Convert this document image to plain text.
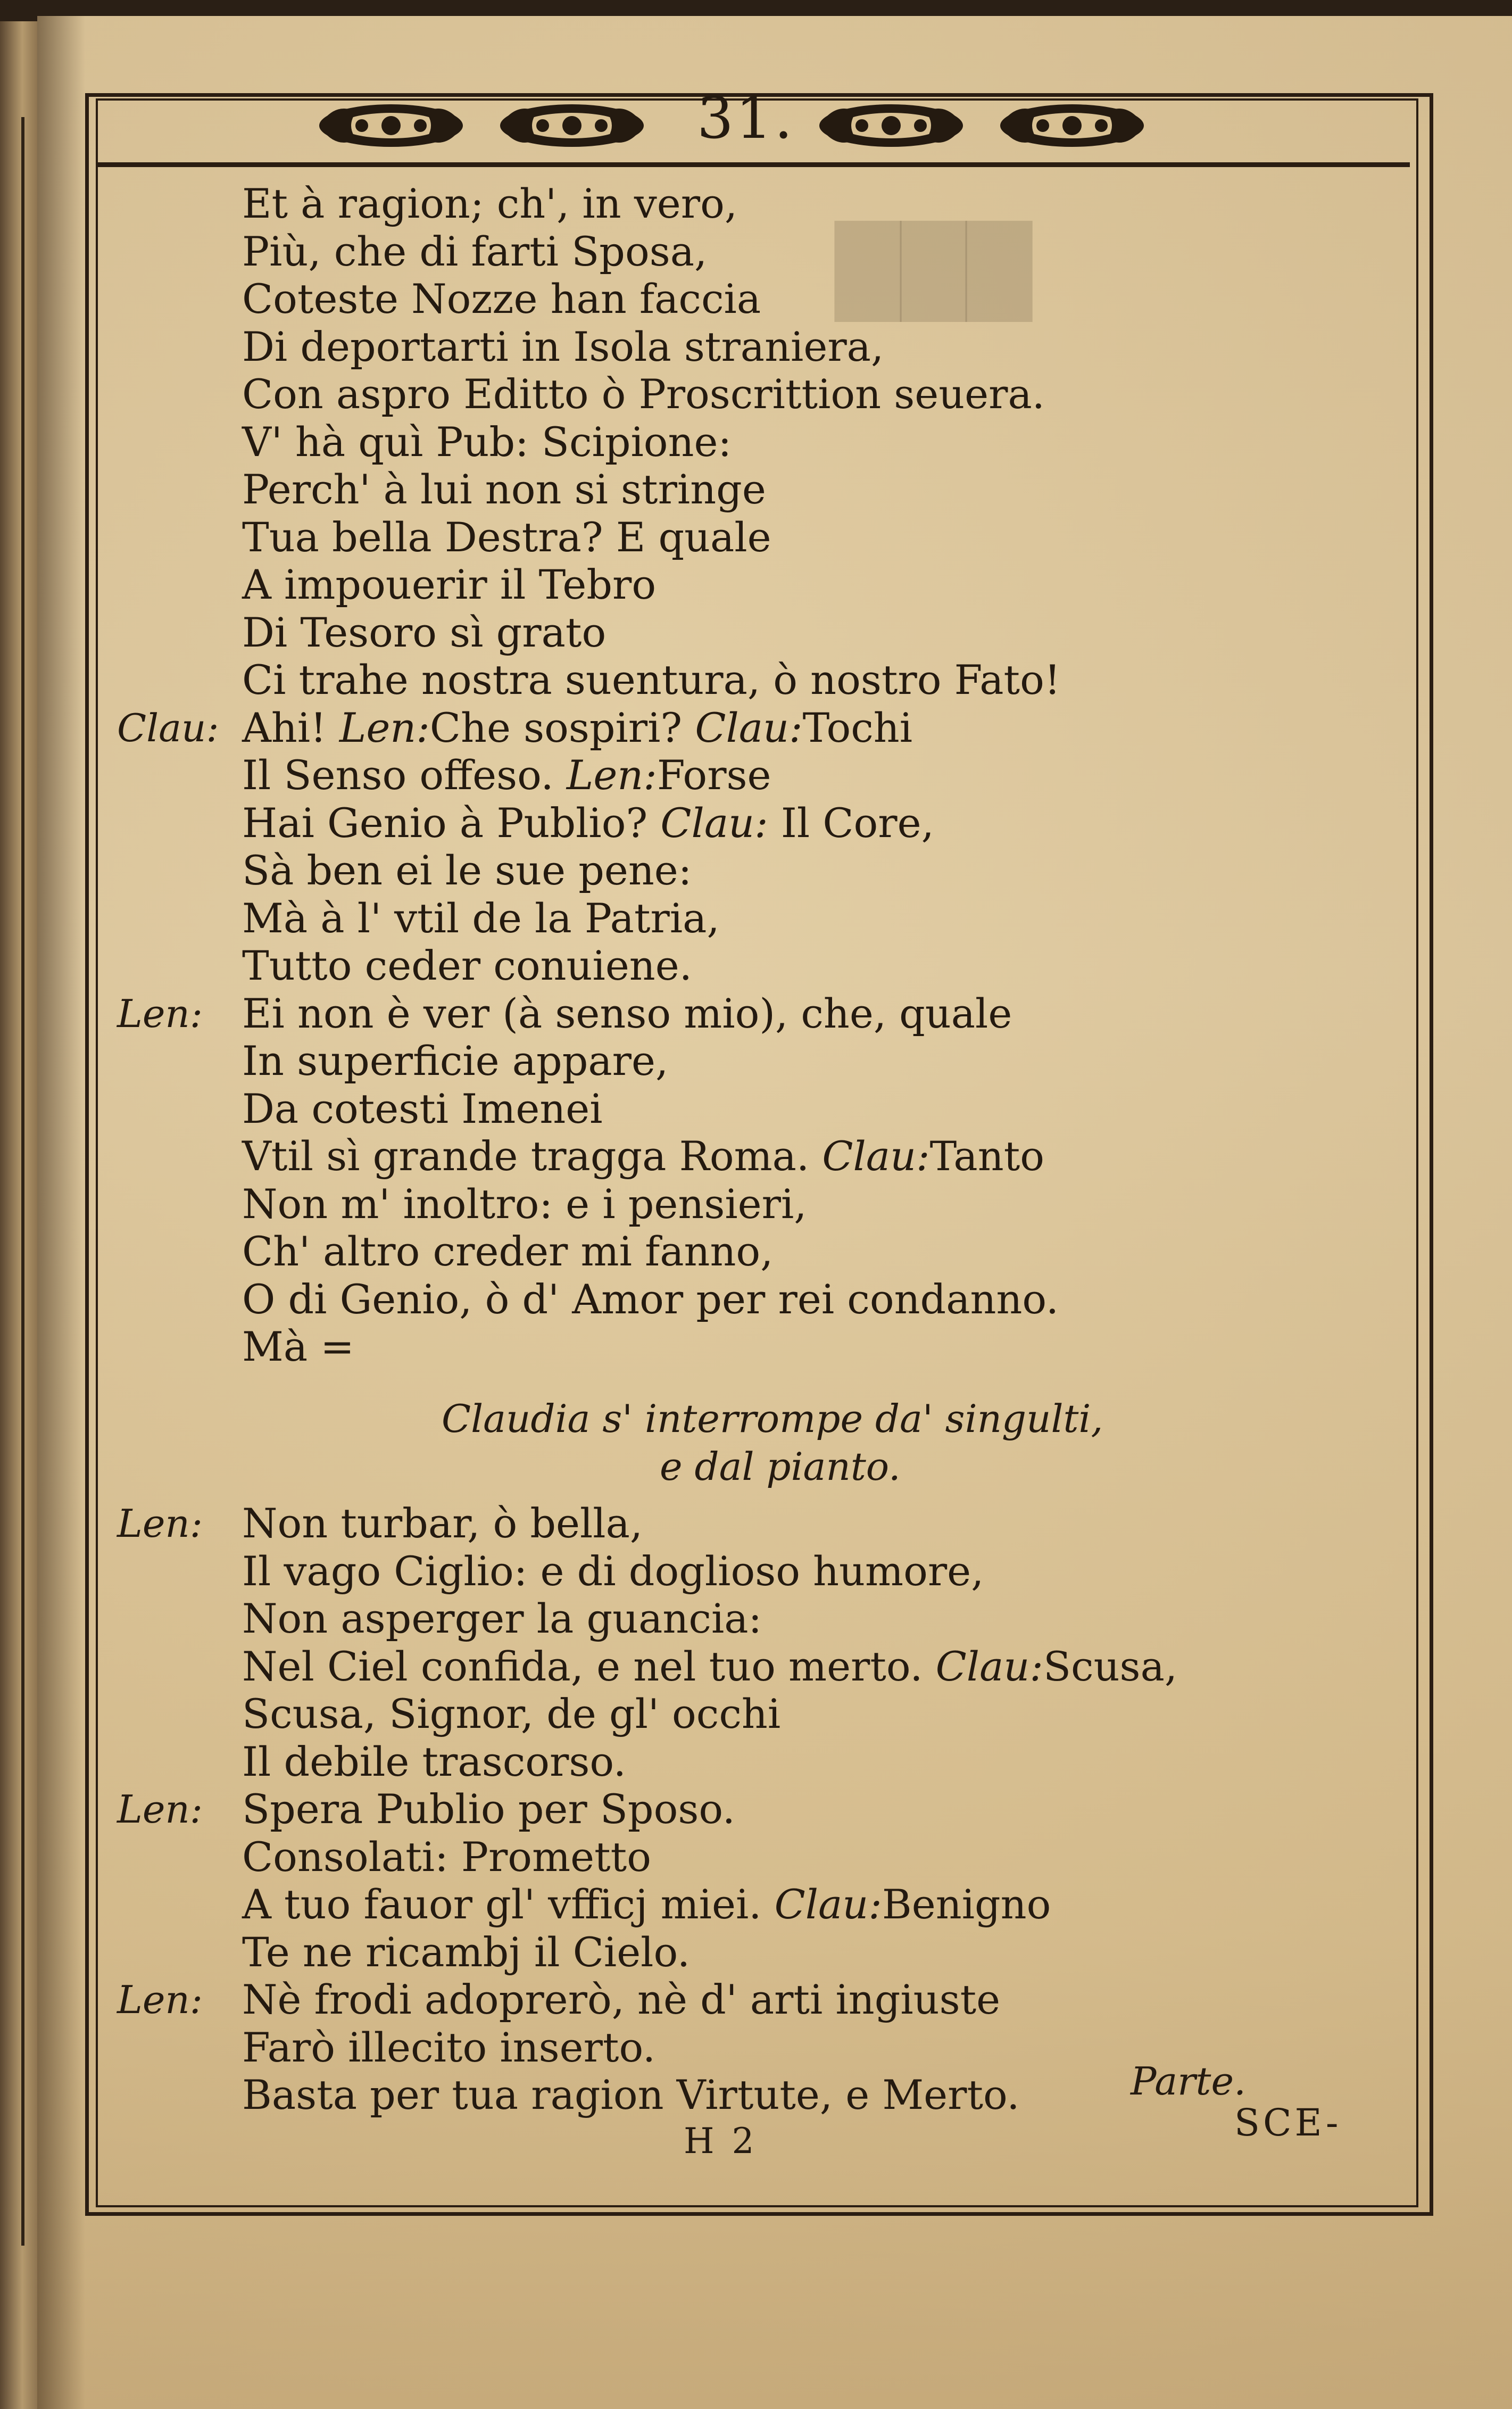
███
31.
Et à ragion; ch', in vero,
Più, che di farti Sposa,
Coteste Nozze han faccia
Di deportarti in Isola straniera,
Con aspro Editto ò Proscrittion seuera.
V' hà quì Pub: Scipione:
Perch' à lui non si stringe
Tua bella Destra? E quale
A impouerir il Tebro
Di Tesoro sì grato
Ci trahe nostra suentura, ò nostro Fato!
Clau: Ahi! Len:Che sospiri? Clau:Tochi
Il Senso offeso. Len:Forse
Hai Genio à Publio? Clau: Il Core,
Sà ben ei le sue pene:
Mà à l' vtil de la Patria,
Tutto ceder conuiene.
Len: Ei non è ver (à senso mio), che, quale
In superficie appare,
Da cotesti Imenei
Vtil sì grande tragga Roma. Clau:Tanto
Non m' inoltro: e i pensieri,
Ch' altro creder mi fanno,
O di Genio, ò d' Amor per rei condanno.
Mà =
Len: Non turbar, ò bella,
Il vago Ciglio: e di doglioso humore,
Non asperger la guancia:
Nel Ciel confida, e nel tuo merto. Clau:Scusa,
Scusa, Signor, de gl' occhi
Il debile trascorso.
Len: Spera Publio per Sposo.
Consolati: Prometto
A tuo fauor gl' vfficj miei. Clau:Benigno
Te ne ricambj il Cielo.
Len: Nè frodi adoprerò, nè d' arti ingiuste
Farò illecito inserto.
Basta per tua ragion Virtute, e Merto.
Claudia s' interrompe da' singulti,
e dal pianto.
Parte.
H 2	SCE-
